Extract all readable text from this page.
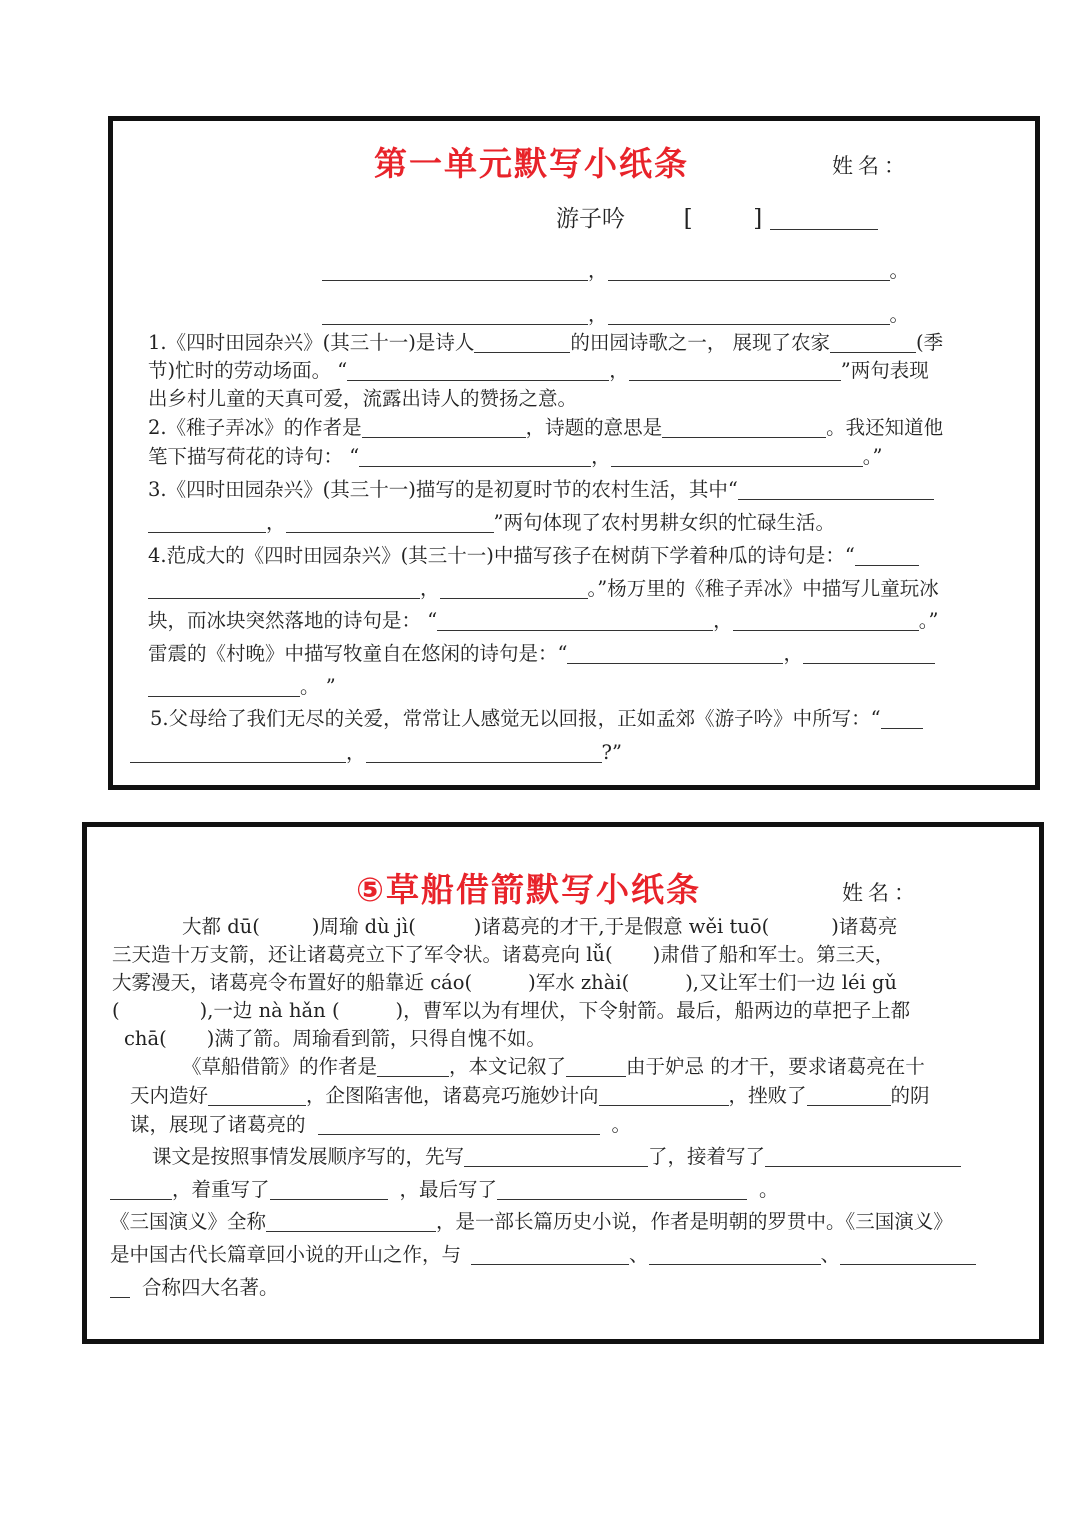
第一单元默写小纸条	姓名：
游子吟	[	]
，	。
，	。
1.《四时田园杂兴》(其三十一)是诗人	的田园诗歌之一， 展现了农家	(季
节)忙时的劳动场面。 “	，	”两句表现
出乡村儿童的天真可爱，流露出诗人的赞扬之意。
2.《稚子弄冰》的作者是	，诗题的意思是	。我还知道他
笔下描写荷花的诗句： “	，	。”
3.《四时田园杂兴》(其三十一)描写的是初夏时节的农村生活，其中“
，	”两句体现了农村男耕女织的忙碌生活。
4.范成大的《四时田园杂兴》(其三十一)中描写孩子在树荫下学着种瓜的诗句是：“
，	。”杨万里的《稚子弄冰》中描写儿童玩冰
块，而冰块突然落地的诗句是： “	，	。”
雷震的《村晚》中描写牧童自在悠闲的诗句是：“	，
。 ”
5.父母给了我们无尽的关爱，常常让人感觉无以回报，正如孟郊《游子吟》中所写：“
，	?”
⑤草船借箭默写小纸条	姓名：
大都 dū(	)周瑜 dù jì(	)诸葛亮的才干,于是假意 wěi tuō(	)诸葛亮
三天造十万支箭，还让诸葛亮立下了军令状。诸葛亮向 lǚ( )肃借了船和军士。第三天，
大雾漫天，诸葛亮令布置好的船靠近 cáo(	)军水 zhài(	),又让军士们一边 léi gǔ
(	),一边 nà hǎn (	)，曹军以为有埋伏，下令射箭。最后，船两边的草把子上都
chā( )满了箭。周瑜看到箭，只得自愧不如。
《草船借箭》的作者是	，本文记叙了	由于妒忌 的才干，要求诸葛亮在十
天内造好	，企图陷害他，诸葛亮巧施妙计向	，挫败了	的阴
谋，展现了诸葛亮的	。
课文是按照事情发展顺序写的，先写	了，接着写了
，着重写了	，最后写了	。
《三国演义》全称	，是一部长篇历史小说，作者是明朝的罗贯中。《三国演义》
是中国古代长篇章回小说的开山之作，与	、	、
合称四大名著。
